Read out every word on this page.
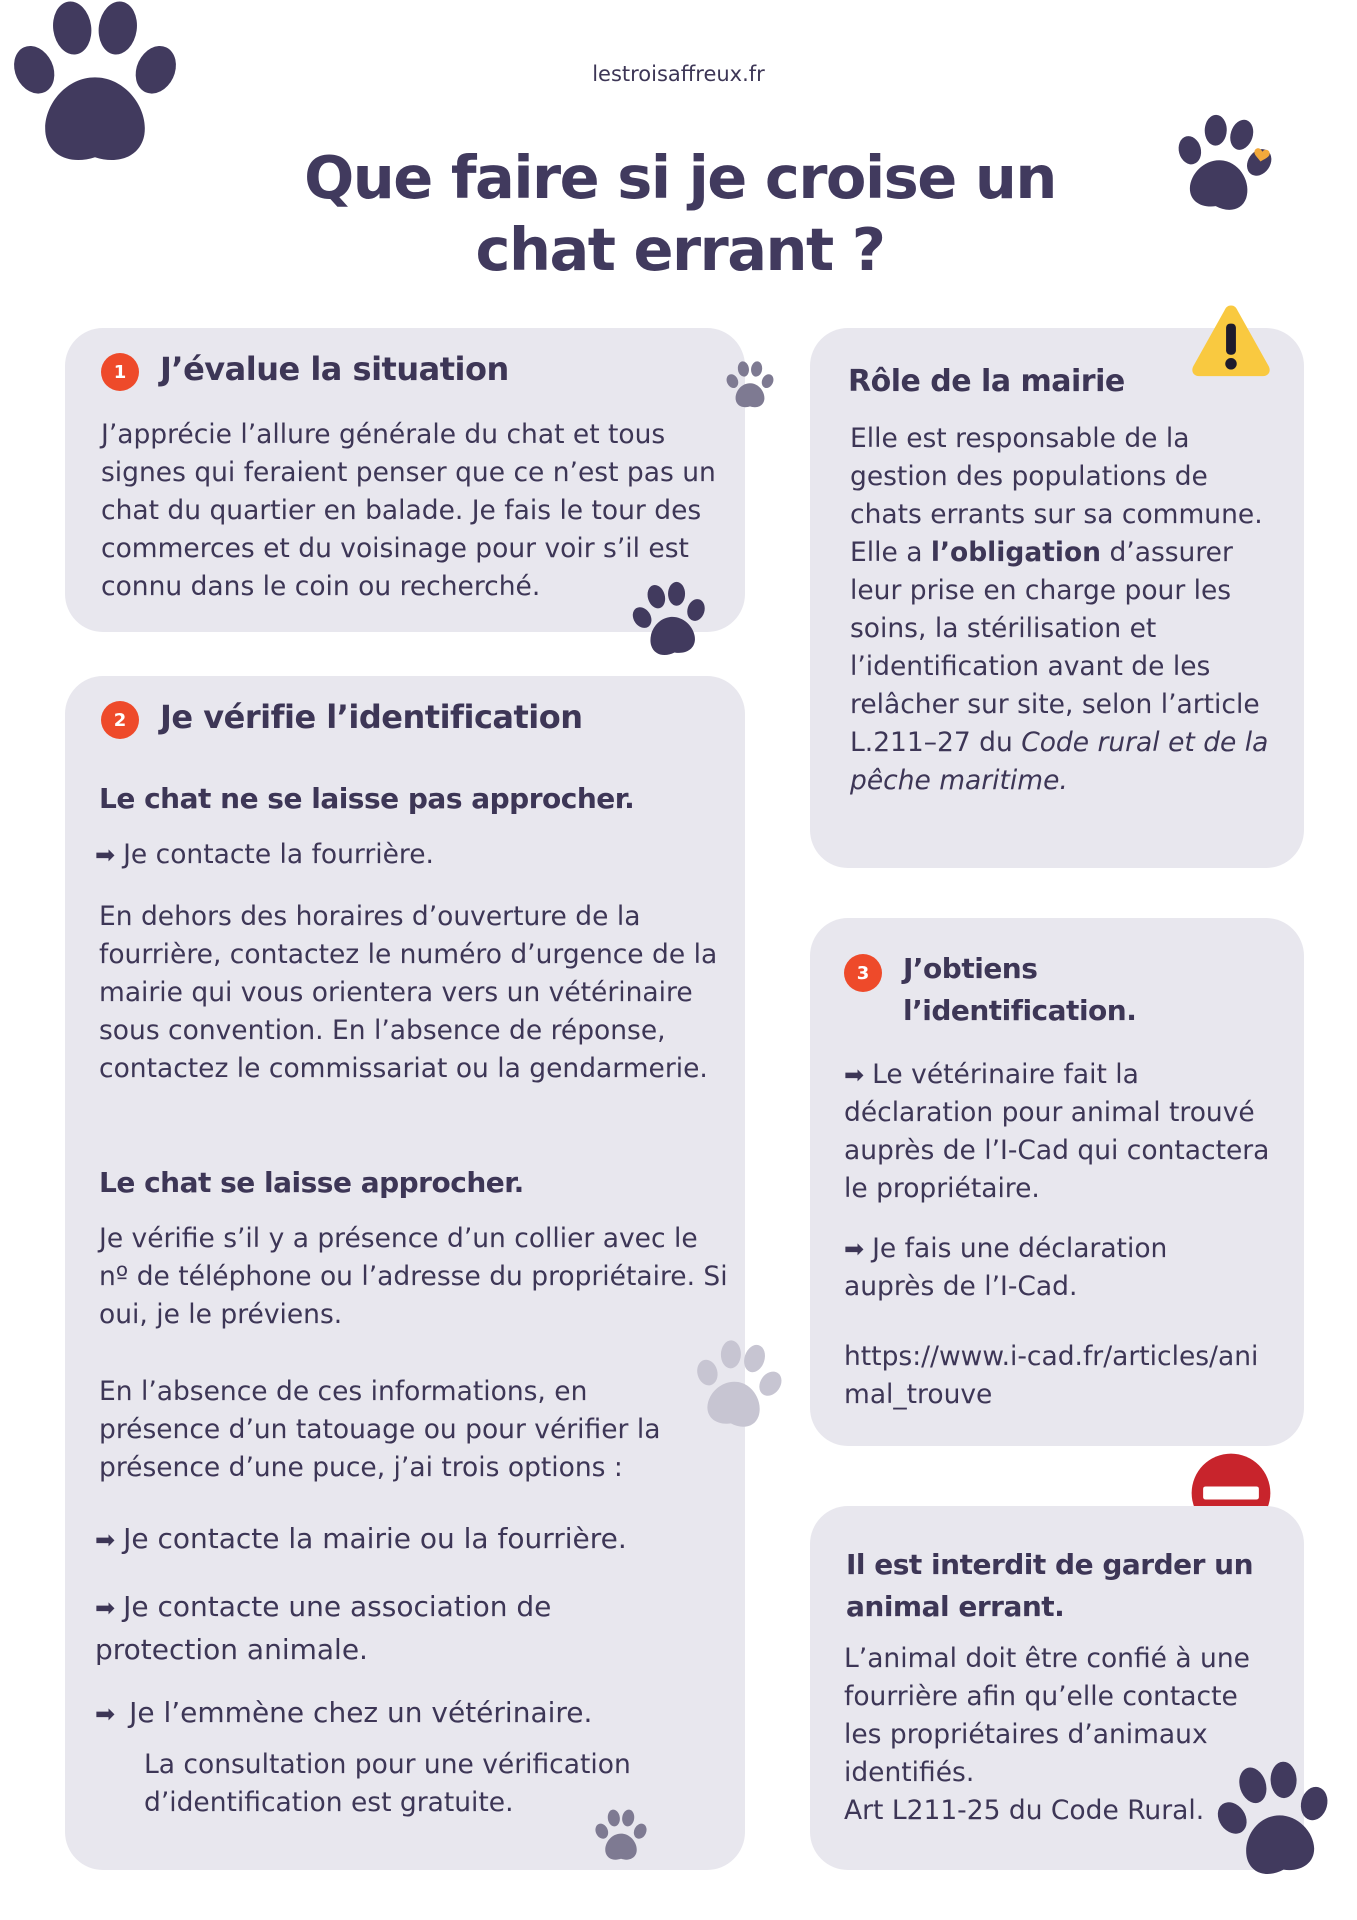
lestroisaffreux.fr
Que faire si je croise un
chat errant ?
1	J’évalue la situation

J’apprécie l’allure générale du chat et tous signes qui feraient penser que ce n’est pas un chat du quartier en balade. Je fais le tour des commerces et du voisinage pour voir s’il est connu dans le coin ou recherché.

2	Je vérifie l’identification
Le chat ne se laisse pas approcher.

➡ Je contacte la fourrière.

En dehors des horaires d’ouverture de la fourrière, contactez le numéro d’urgence de la mairie qui vous orientera vers un vétérinaire sous convention. En l’absence de réponse, contactez le commissariat ou la gendarmerie.

Le chat se laisse approcher.

Je vérifie s’il y a présence d’un collier avec le nº de téléphone ou l’adresse du propriétaire. Si oui, je le préviens.

En l’absence de ces informations, en présence d’un tatouage ou pour vérifier la présence d’une puce, j’ai trois options :

➡ Je contacte la mairie ou la fourrière.

➡ Je contacte une association de protection animale.

➡ Je l’emmène chez un vétérinaire.

La consultation pour une vérification d’identification est gratuite.

Rôle de la mairie

Elle est responsable de la gestion des populations de chats errants sur sa commune. Elle a l’obligation d’assurer leur prise en charge pour les soins, la stérilisation et l’identification avant de les relâcher sur site, selon l’article L.211–27 du Code rural et de la pêche maritime.

3	J’obtiens l’identification.

➡ Le vétérinaire fait la déclaration pour animal trouvé auprès de l’I-Cad qui contactera le propriétaire.

➡ Je fais une déclaration auprès de l’I-Cad.

https://www.i-cad.fr/articles/animal_trouve

Il est interdit de garder un animal errant.

L’animal doit être confié à une fourrière afin qu’elle contacte les propriétaires d’animaux identifiés.

Art L211-25 du Code Rural.
